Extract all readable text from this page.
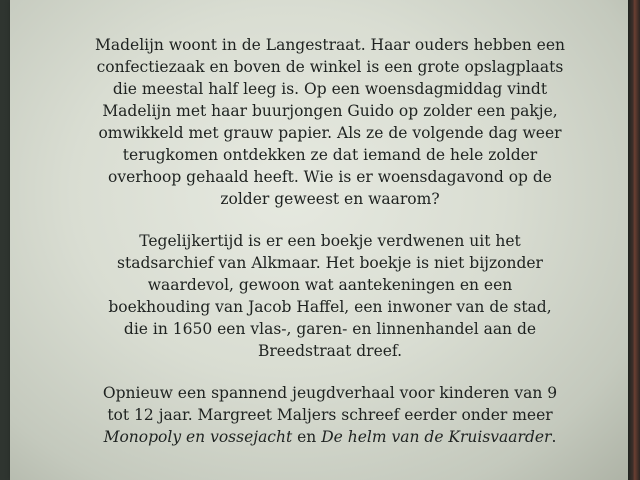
Madelijn woont in de Langestraat. Haar ouders hebben een
confectiezaak en boven de winkel is een grote opslagplaats
die meestal half leeg is. Op een woensdagmiddag vindt
Madelijn met haar buurjongen Guido op zolder een pakje,
omwikkeld met grauw papier. Als ze de volgende dag weer
terugkomen ontdekken ze dat iemand de hele zolder
overhoop gehaald heeft. Wie is er woensdagavond op de
zolder geweest en waarom?

Tegelijkertijd is er een boekje verdwenen uit het
stadsarchief van Alkmaar. Het boekje is niet bijzonder
waardevol, gewoon wat aantekeningen en een
boekhouding van Jacob Haffel, een inwoner van de stad,
die in 1650 een vlas-, garen- en linnenhandel aan de
Breedstraat dreef.

Opnieuw een spannend jeugdverhaal voor kinderen van 9
tot 12 jaar. Margreet Maljers schreef eerder onder meer
Monopoly en vossejacht en De helm van de Kruisvaarder.
